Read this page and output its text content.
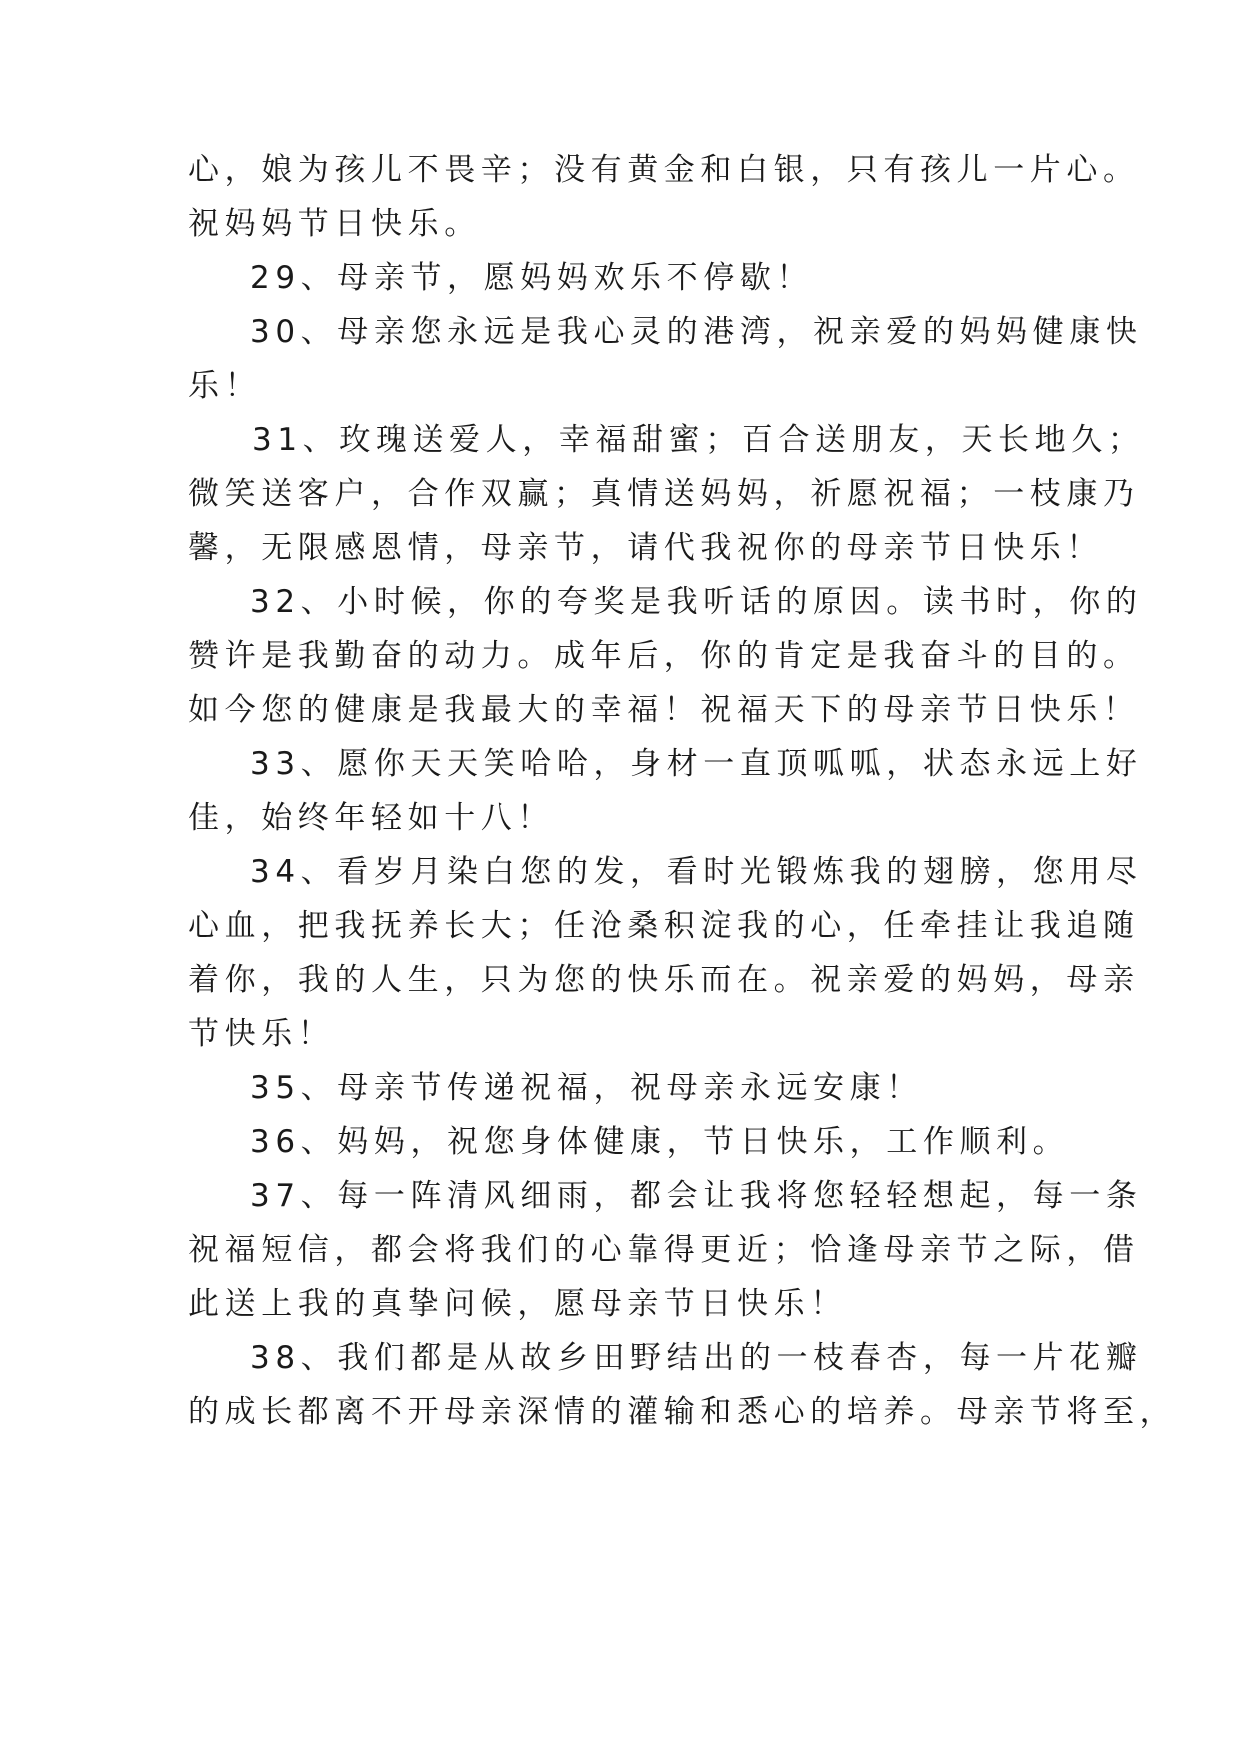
心，娘为孩儿不畏辛；没有黄金和白银，只有孩儿一片心。
祝妈妈节日快乐。
29、母亲节，愿妈妈欢乐不停歇！
30、母亲您永远是我心灵的港湾，祝亲爱的妈妈健康快
乐！
31、玫瑰送爱人，幸福甜蜜；百合送朋友，天长地久；
微笑送客户，合作双赢；真情送妈妈，祈愿祝福；一枝康乃
馨，无限感恩情，母亲节，请代我祝你的母亲节日快乐！
32、小时候，你的夸奖是我听话的原因。读书时，你的
赞许是我勤奋的动力。成年后，你的肯定是我奋斗的目的。
如今您的健康是我最大的幸福！祝福天下的母亲节日快乐！
33、愿你天天笑哈哈，身材一直顶呱呱，状态永远上好
佳，始终年轻如十八！
34、看岁月染白您的发，看时光锻炼我的翅膀，您用尽
心血，把我抚养长大；任沧桑积淀我的心，任牵挂让我追随
着你，我的人生，只为您的快乐而在。祝亲爱的妈妈，母亲
节快乐！
35、母亲节传递祝福，祝母亲永远安康！
36、妈妈，祝您身体健康，节日快乐，工作顺利。
37、每一阵清风细雨，都会让我将您轻轻想起，每一条
祝福短信，都会将我们的心靠得更近；恰逢母亲节之际，借
此送上我的真挚问候，愿母亲节日快乐！
38、我们都是从故乡田野结出的一枝春杏，每一片花瓣
的成长都离不开母亲深情的灌输和悉心的培养。母亲节将至，
